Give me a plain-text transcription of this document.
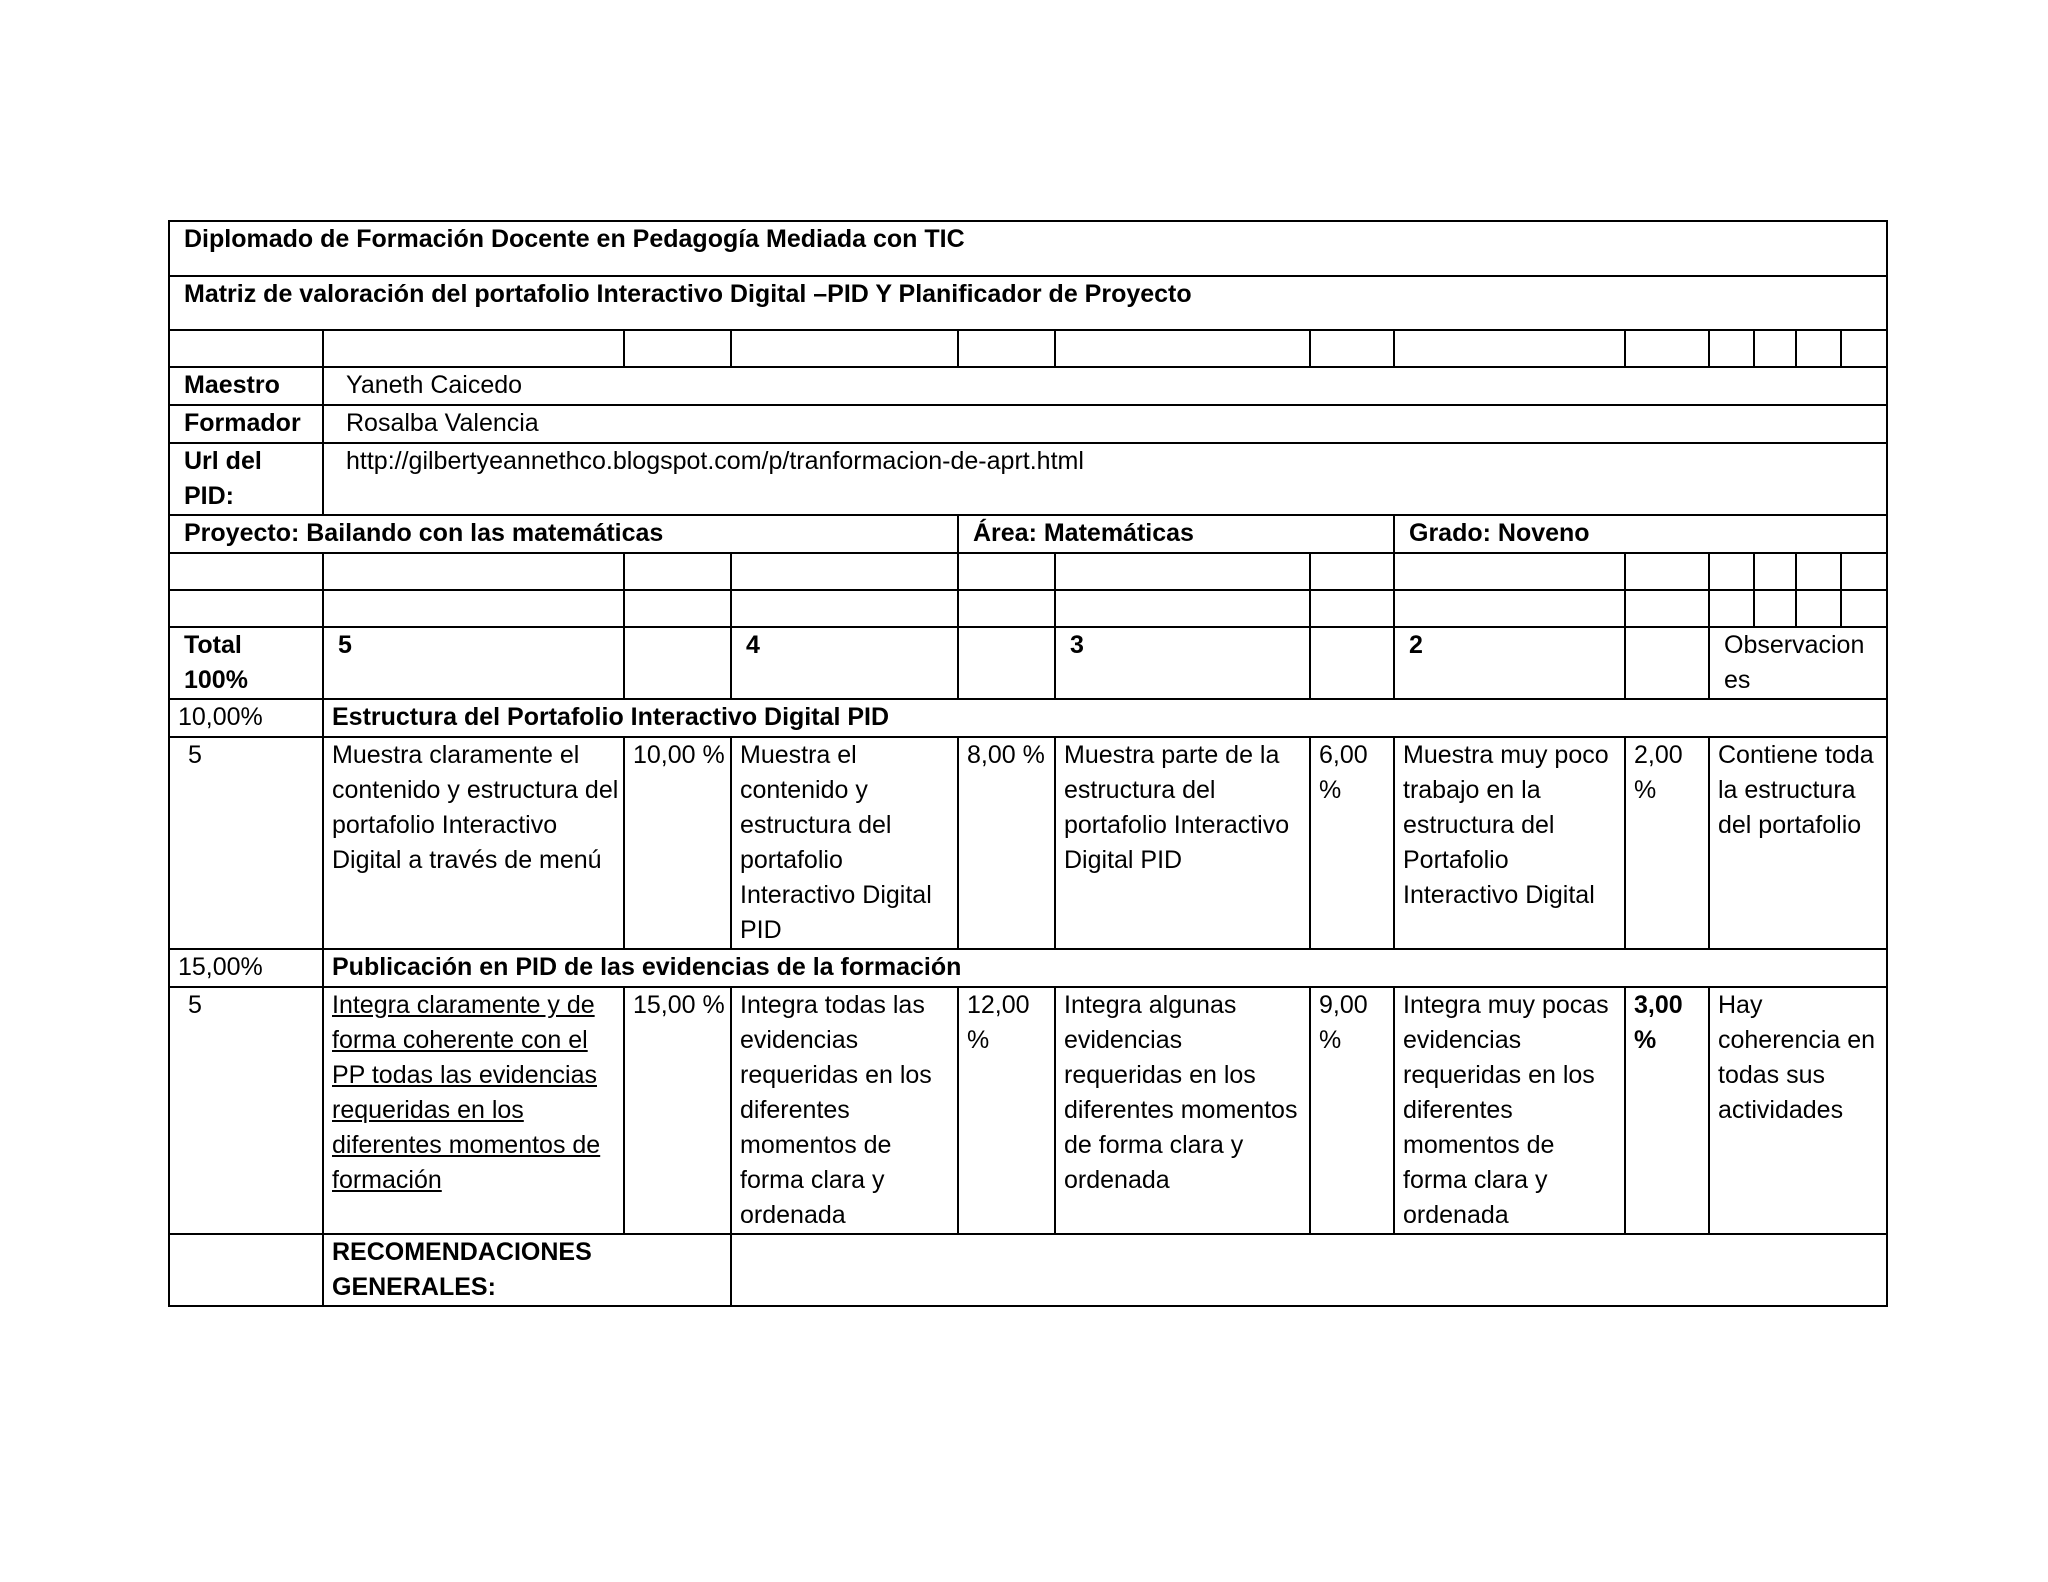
Diplomado de Formación Docente en Pedagogía Mediada con TIC												
Matriz de valoración del portafolio Interactivo Digital –PID Y Planificador de Proyecto												

Maestro	Yaneth Caicedo											
Formador	Rosalba Valencia											
Url del PID:	http://gilbertyeannethco.blogspot.com/p/tranformacion-de-aprt.html											
Proyecto: Bailando con las matemáticas				Área: Matemáticas			Grado: Noveno					

Total 100%	5		4		3		2		Observaciones			
10,00%	Estructura del Portafolio Interactivo Digital PID											
5	Muestra claramente el contenido y estructura del portafolio Interactivo Digital a través de menú	10,00 %	Muestra el contenido y estructura del portafolio Interactivo Digital PID	8,00 %	Muestra parte de la estructura del portafolio Interactivo Digital PID	6,00 %	Muestra muy poco trabajo en la estructura del Portafolio Interactivo Digital	2,00 %	Contiene toda la estructura del portafolio			
15,00%	Publicación en PID de las evidencias de la formación											
5	Integra claramente y de forma coherente con el PP todas las evidencias requeridas en los diferentes momentos de formación	15,00 %	Integra todas las evidencias requeridas en los diferentes momentos de forma clara y ordenada	12,00 %	Integra algunas evidencias requeridas en los diferentes momentos de forma clara y ordenada	9,00 %	Integra muy pocas evidencias requeridas en los diferentes momentos de forma clara y ordenada	3,00 %	Hay coherencia en todas sus actividades			
	RECOMENDACIONES GENERALES:											
